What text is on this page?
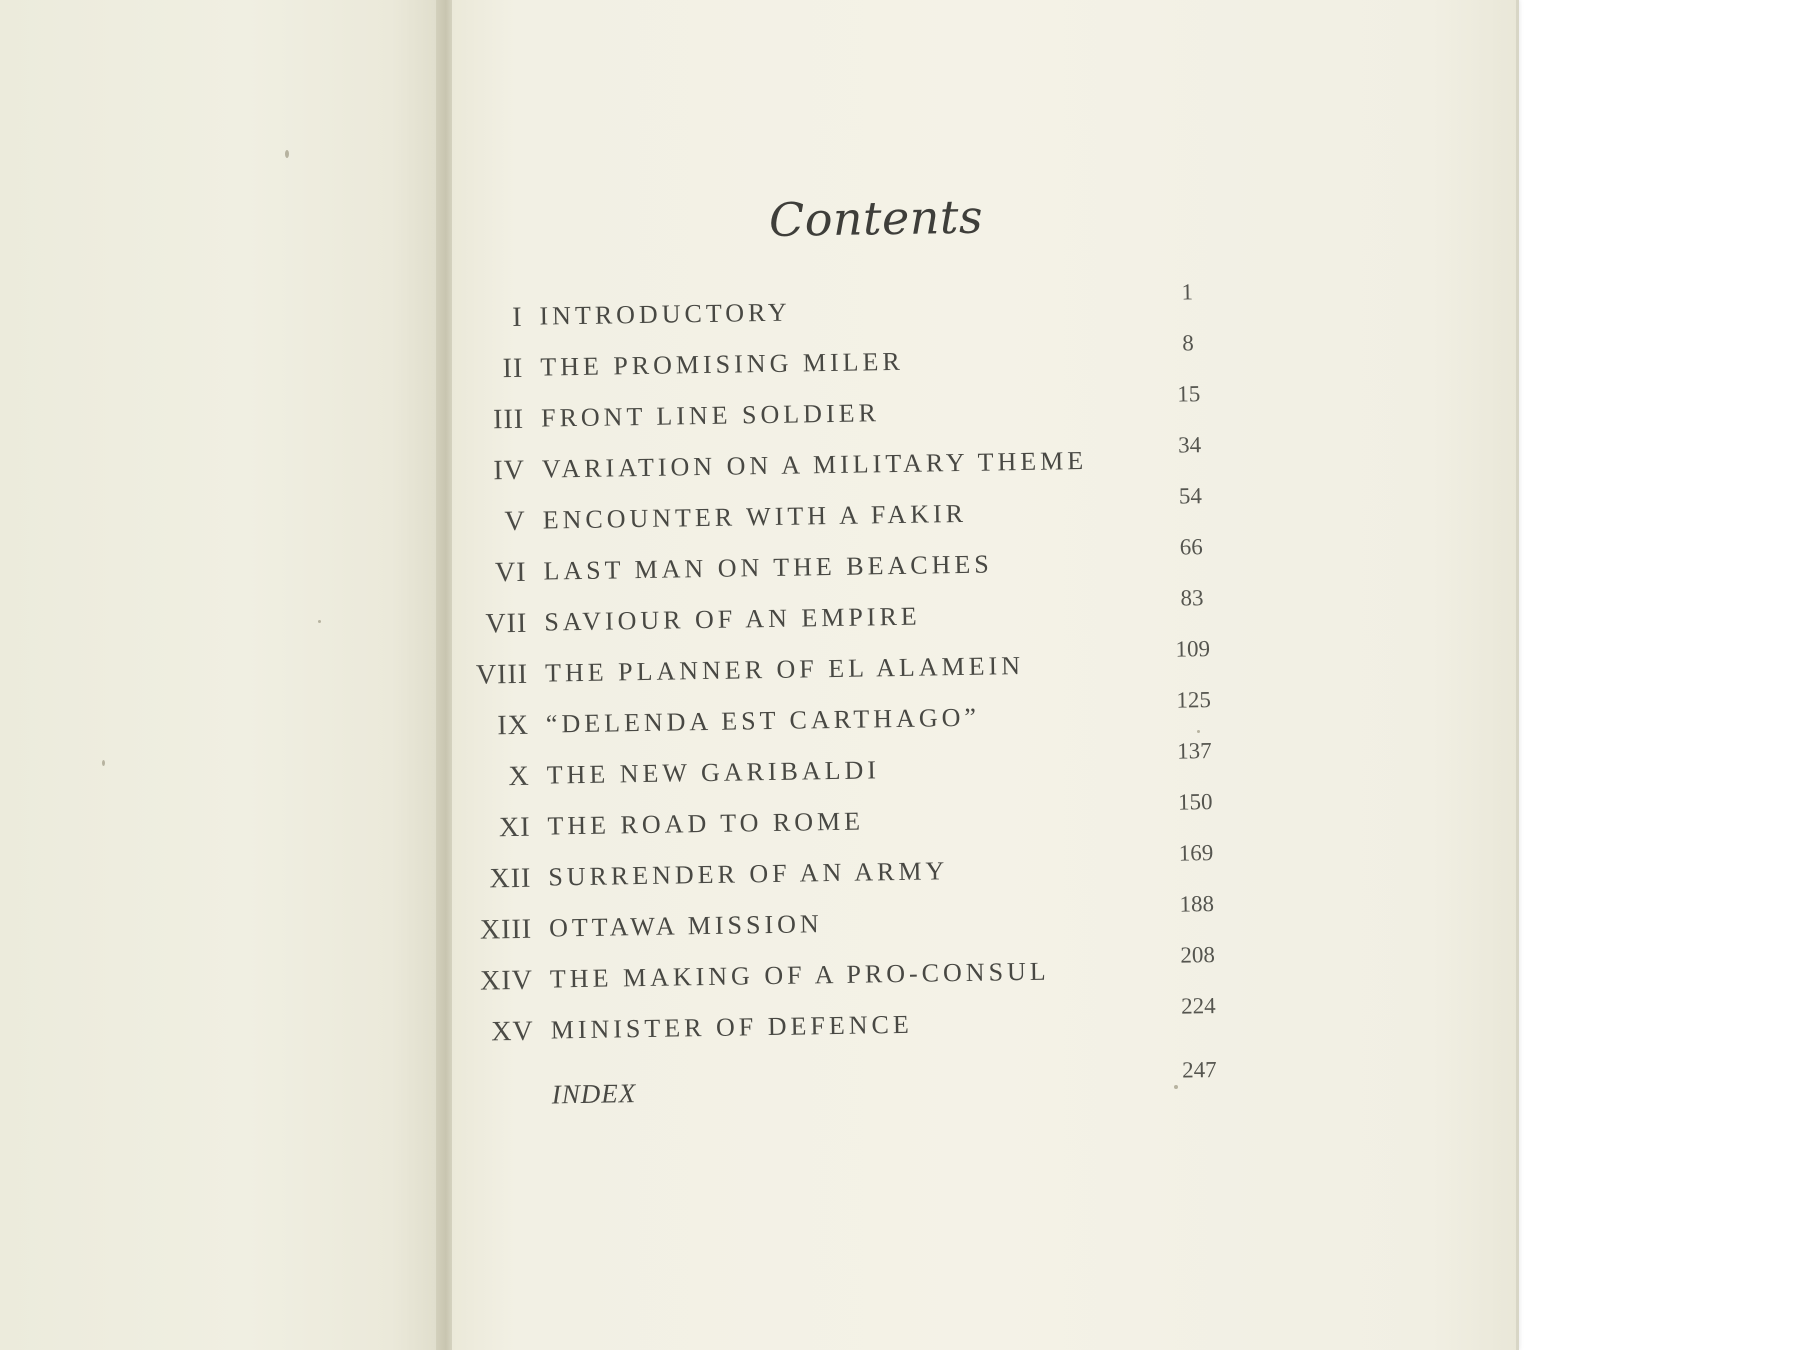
Contents
I INTRODUCTORY
1
II THE PROMISING MILER
8
III FRONT LINE SOLDIER
15
IV VARIATION ON A MILITARY THEME
34
V ENCOUNTER WITH A FAKIR
54
VI LAST MAN ON THE BEACHES
66
VII SAVIOUR OF AN EMPIRE
83
VIII THE PLANNER OF EL ALAMEIN
109
IX “DELENDA EST CARTHAGO”
125
X THE NEW GARIBALDI
137
XI THE ROAD TO ROME
150
XII SURRENDER OF AN ARMY
169
XIII OTTAWA MISSION
188
XIV THE MAKING OF A PRO-CONSUL
208
XV MINISTER OF DEFENCE
224
INDEX
247
